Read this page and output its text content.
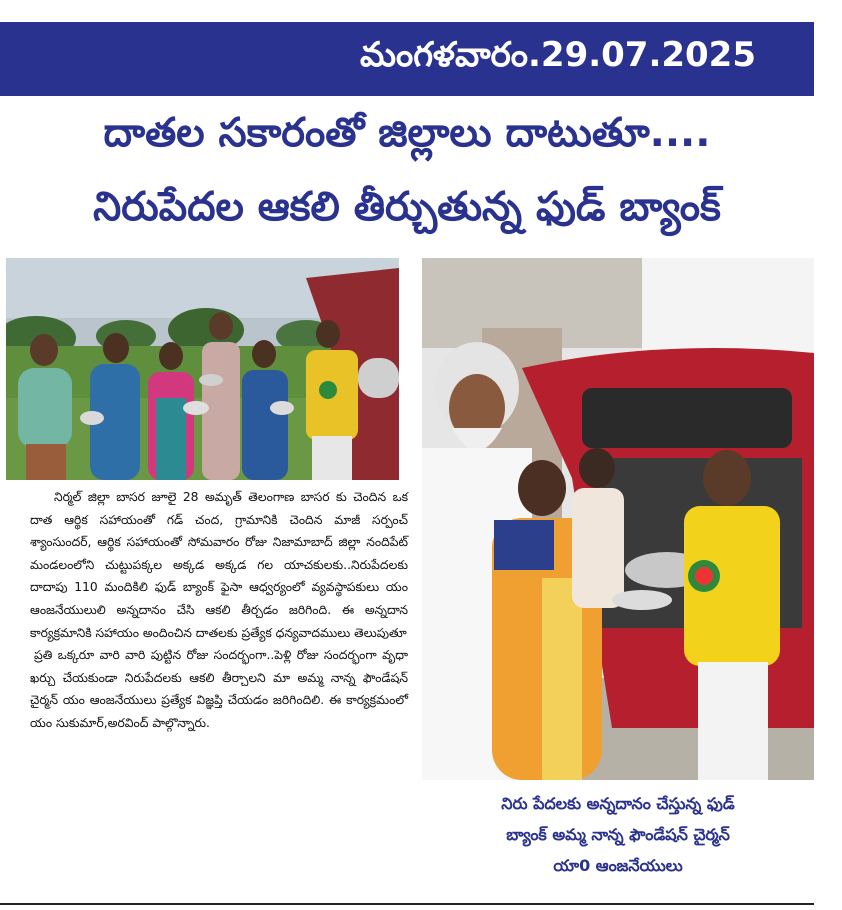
మంగళవారం.29.07.2025
దాతల సకారంతో జిల్లాలు దాటుతూ....
నిరుపేదల ఆకలి తీర్చుతున్న ఫుడ్ బ్యాంక్

నిర్మల్ జిల్లా బాసర జూలై 28 అమృత్ తెలంగాణ బాసర కు చెందిన ఒక దాత ఆర్థిక సహాయంతో గడ్ చంద, గ్రామానికి చెందిన మాజీ సర్పంచ్ శ్యాంసుందర్, ఆర్థిక సహాయంతో సోమవారం రోజు నిజామాబాద్ జిల్లా నందిపేట్ మండలంలోని చుట్టుపక్కల అక్కడ అక్కడ గల యాచకులకు..నిరుపేదలకు దాదాపు 110 మందికిలి ఫుడ్ బ్యాంక్ ఫైసా ఆధ్వర్యంలో వ్యవస్థాపకులు యం ఆంజనేయులులి అన్నదానం చేసి ఆకలి తీర్చడం జరిగింది. ఈ అన్నదాన కార్యక్రమానికి సహాయం అందించిన దాతలకు ప్రత్యేక ధన్యవాదములు తెలుపుతూ

ప్రతి ఒక్కరూ వారి వారి పుట్టిన రోజు సందర్భంగా..పెళ్లి రోజు సందర్భంగా వృధా ఖర్చు చేయకుండా నిరుపేదలకు ఆకలి తీర్చాలని మా అమ్మ నాన్న ఫౌండేషన్ చైర్మన్ యం ఆంజనేయులు ప్రత్యేక విజ్ఞప్తి చేయడం జరిగిందిలి. ఈ కార్యక్రమంలో యం సుకుమార్,అరవింద్ పాల్గొన్నారు.

నిరు పేదలకు అన్నదానం చేస్తున్న ఫుడ్
బ్యాంక్ అమ్మ నాన్న ఫౌండేషన్ చైర్మన్
యా0 ఆంజనేయులు
